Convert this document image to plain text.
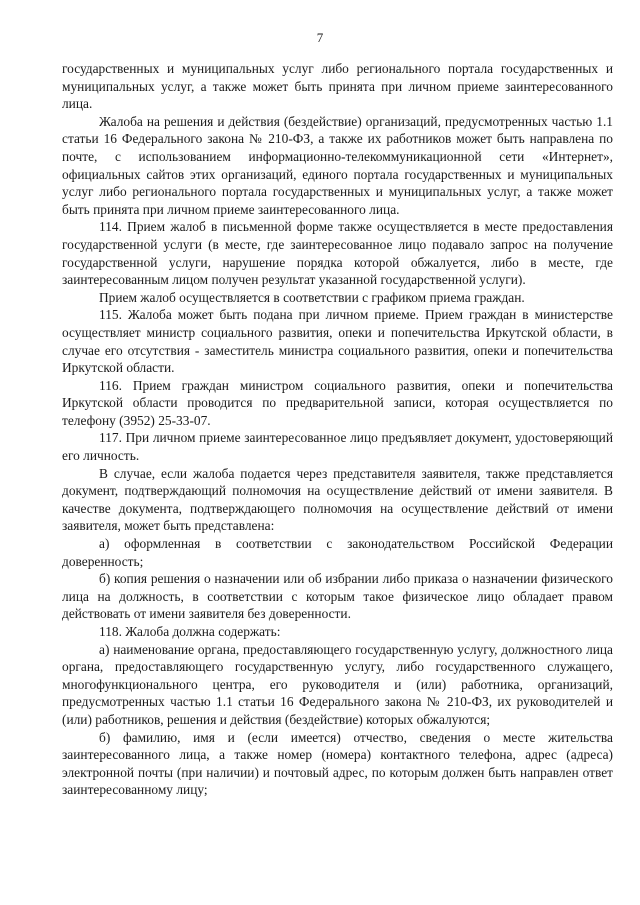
7

государственных и муниципальных услуг либо регионального портала государственных и муниципальных услуг, а также может быть принята при личном приеме заинтересованного лица.

Жалоба на решения и действия (бездействие) организаций, предусмотренных частью 1.1 статьи 16 Федерального закона № 210-ФЗ, а также их работников может быть направлена по почте, с использованием информационно-телекоммуникационной сети «Интернет», официальных сайтов этих организаций, единого портала государственных и муниципальных услуг либо регионального портала государственных и муниципальных услуг, а также может быть принята при личном приеме заинтересованного лица.

114. Прием жалоб в письменной форме также осуществляется в месте предоставления государственной услуги (в месте, где заинтересованное лицо подавало запрос на получение государственной услуги, нарушение порядка которой обжалуется, либо в месте, где заинтересованным лицом получен результат указанной государственной услуги).

Прием жалоб осуществляется в соответствии с графиком приема граждан.

115. Жалоба может быть подана при личном приеме. Прием граждан в министерстве осуществляет министр социального развития, опеки и попечительства Иркутской области, в случае его отсутствия - заместитель министра социального развития, опеки и попечительства Иркутской области.

116. Прием граждан министром социального развития, опеки и попечительства Иркутской области проводится по предварительной записи, которая осуществляется по телефону (3952) 25-33-07.

117. При личном приеме заинтересованное лицо предъявляет документ, удостоверяющий его личность.

В случае, если жалоба подается через представителя заявителя, также представляется документ, подтверждающий полномочия на осуществление действий от имени заявителя. В качестве документа, подтверждающего полномочия на осуществление действий от имени заявителя, может быть представлена:

а) оформленная в соответствии с законодательством Российской Федерации доверенность;

б) копия решения о назначении или об избрании либо приказа о назначении физического лица на должность, в соответствии с которым такое физическое лицо обладает правом действовать от имени заявителя без доверенности.

118. Жалоба должна содержать:

а) наименование органа, предоставляющего государственную услугу, должностного лица органа, предоставляющего государственную услугу, либо государственного служащего, многофункционального центра, его руководителя и (или) работника, организаций, предусмотренных частью 1.1 статьи 16 Федерального закона № 210-ФЗ, их руководителей и (или) работников, решения и действия (бездействие) которых обжалуются;

б) фамилию, имя и (если имеется) отчество, сведения о месте жительства заинтересованного лица, а также номер (номера) контактного телефона, адрес (адреса) электронной почты (при наличии) и почтовый адрес, по которым должен быть направлен ответ заинтересованному лицу;
